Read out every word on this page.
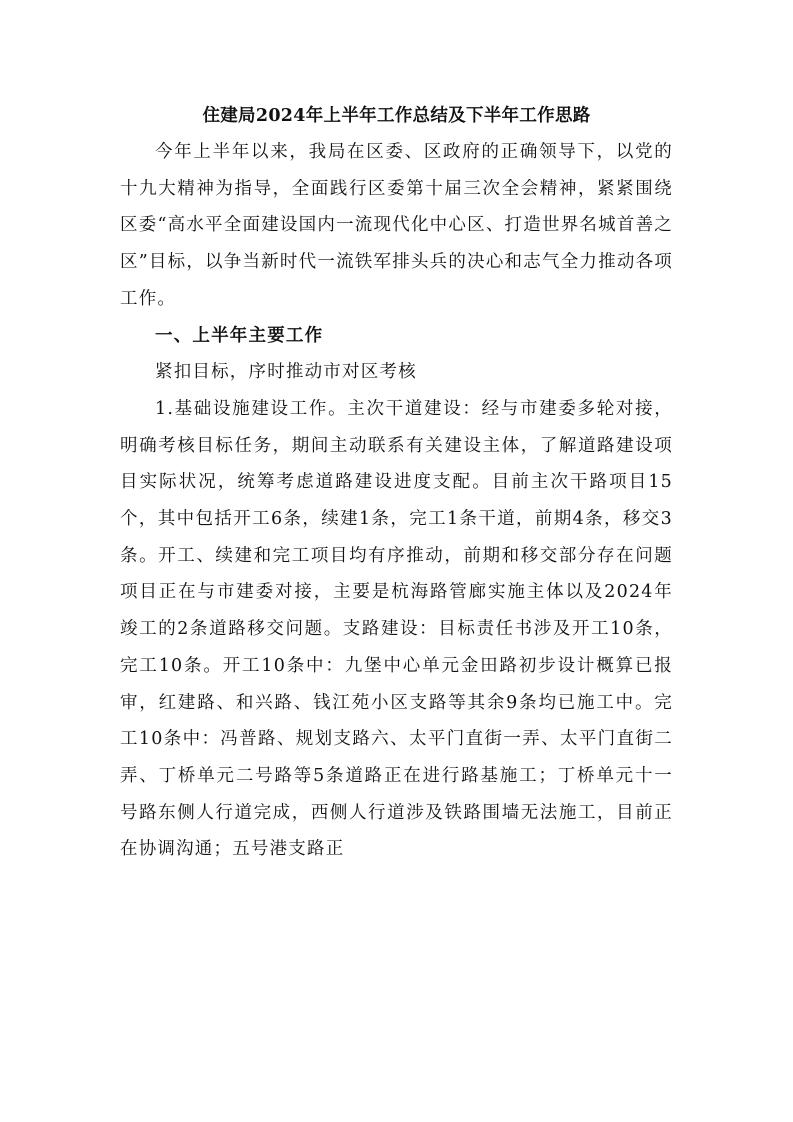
住建局2024年上半年工作总结及下半年工作思路

今年上半年以来，我局在区委、区政府的正确领导下，以党的十九大精神为指导，全面践行区委第十届三次全会精神，紧紧围绕区委“高水平全面建设国内一流现代化中心区、打造世界名城首善之区”目标，以争当新时代一流铁军排头兵的决心和志气全力推动各项工作。

一、上半年主要工作

紧扣目标，序时推动市对区考核

1.基础设施建设工作。主次干道建设：经与市建委多轮对接，明确考核目标任务，期间主动联系有关建设主体，了解道路建设项目实际状况，统筹考虑道路建设进度支配。目前主次干路项目15个，其中包括开工6条，续建1条，完工1条干道，前期4条，移交3条。开工、续建和完工项目均有序推动，前期和移交部分存在问题项目正在与市建委对接，主要是杭海路管廊实施主体以及2024年竣工的2条道路移交问题。支路建设：目标责任书涉及开工10条，完工10条。开工10条中：九堡中心单元金田路初步设计概算已报审，红建路、和兴路、钱江苑小区支路等其余9条均已施工中。完工10条中：冯普路、规划支路六、太平门直街一弄、太平门直街二弄、丁桥单元二号路等5条道路正在进行路基施工；丁桥单元十一号路东侧人行道完成，西侧人行道涉及铁路围墙无法施工，目前正在协调沟通；五号港支路正
